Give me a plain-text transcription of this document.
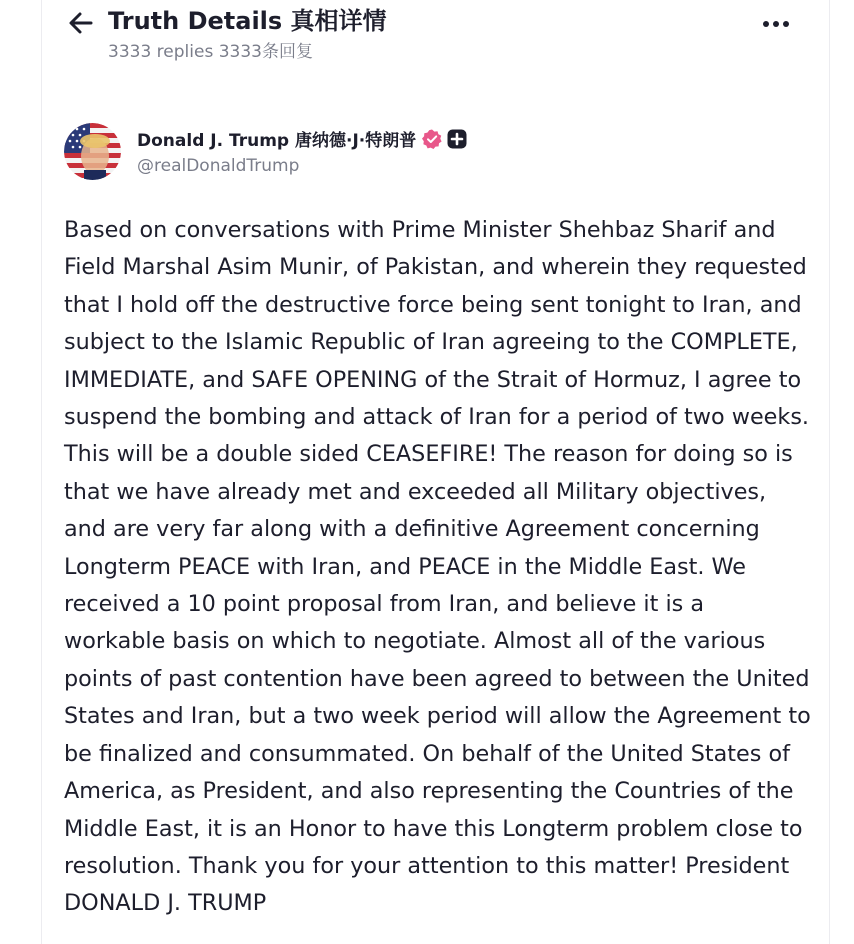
Truth Details 真相详情
3333 replies 3333条回复
Donald J. Trump 唐纳德·J·特朗普
@realDonaldTrump
Based on conversations with Prime Minister Shehbaz Sharif and Field Marshal Asim Munir, of Pakistan, and wherein they requested that I hold off the destructive force being sent tonight to Iran, and subject to the Islamic Republic of Iran agreeing to the COMPLETE, IMMEDIATE, and SAFE OPENING of the Strait of Hormuz, I agree to suspend the bombing and attack of Iran for a period of two weeks. This will be a double sided CEASEFIRE! The reason for doing so is that we have already met and exceeded all Military objectives, and are very far along with a definitive Agreement concerning Longterm PEACE with Iran, and PEACE in the Middle East. We received a 10 point proposal from Iran, and believe it is a workable basis on which to negotiate. Almost all of the various points of past contention have been agreed to between the United States and Iran, but a two week period will allow the Agreement to be finalized and consummated. On behalf of the United States of America, as President, and also representing the Countries of the Middle East, it is an Honor to have this Longterm problem close to resolution. Thank you for your attention to this matter! President DONALD J. TRUMP
